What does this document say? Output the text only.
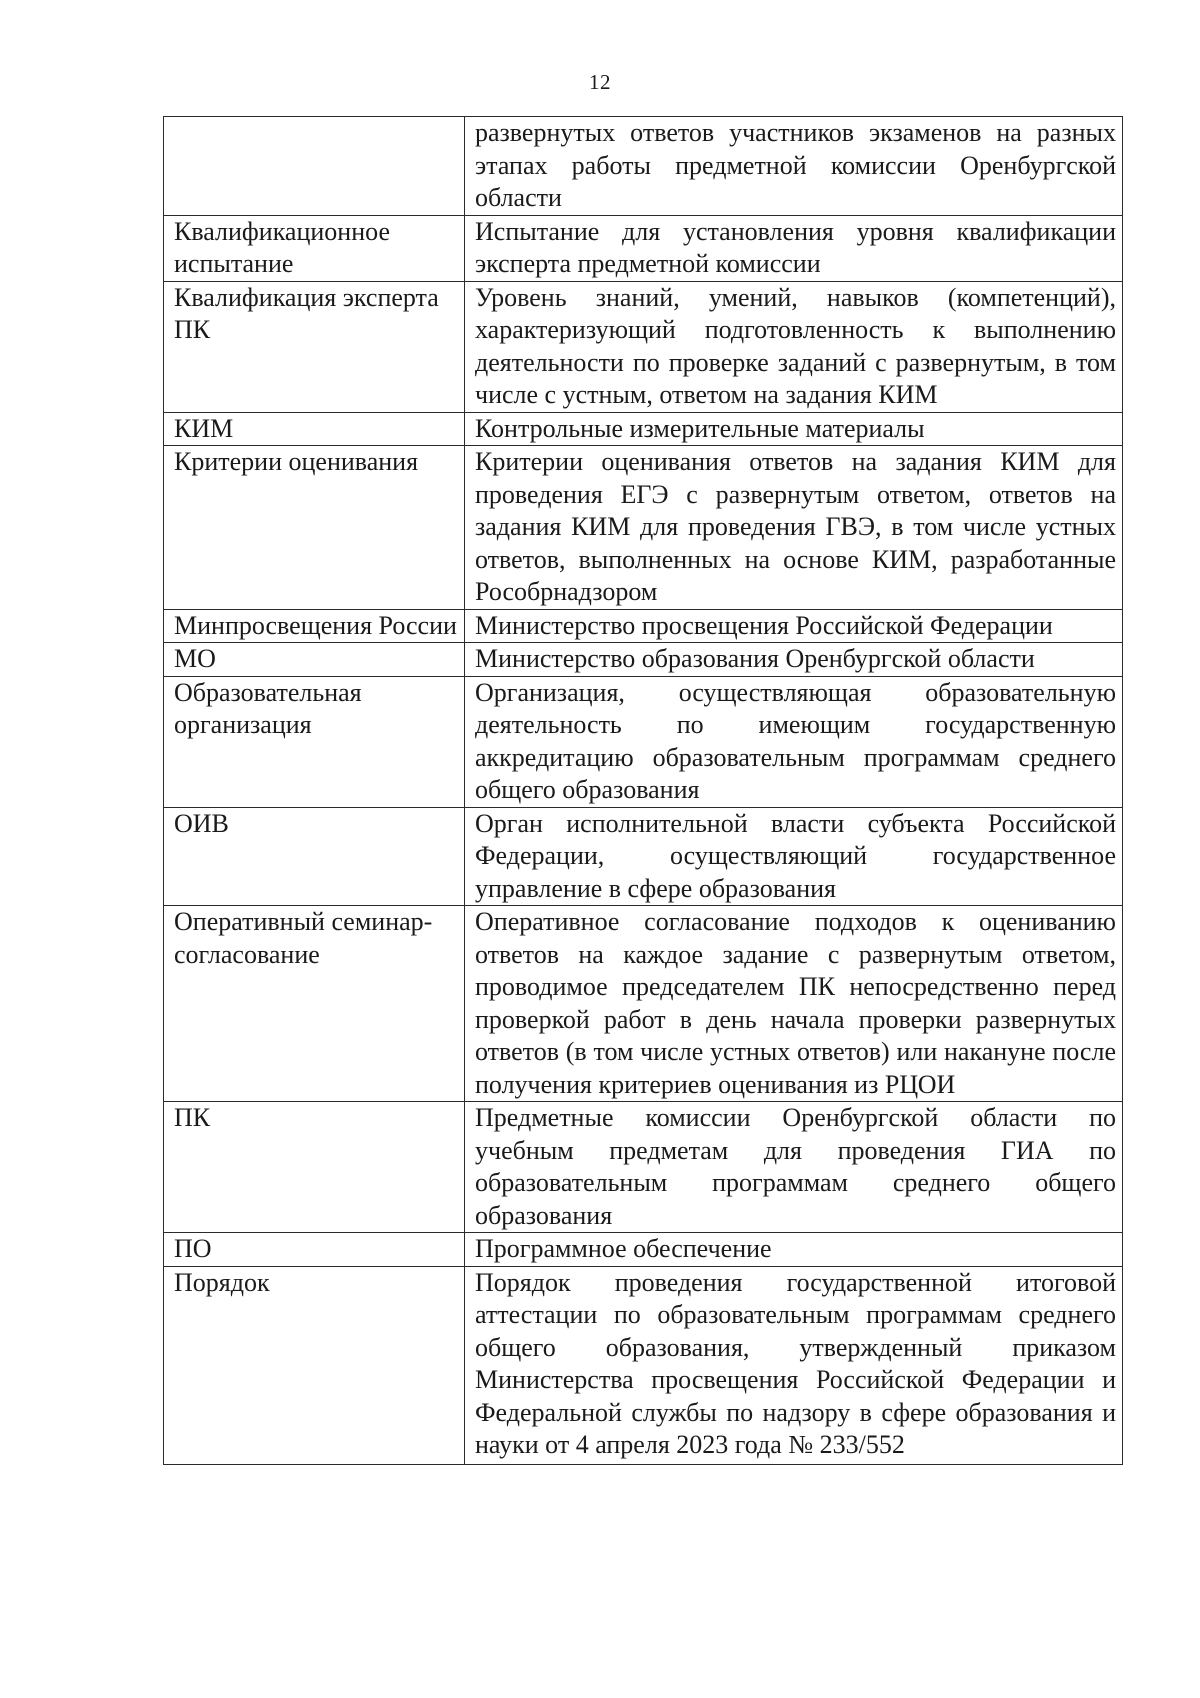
12
	развернутых ответов участников экзаменов на разных этапах работы предметной комиссии Оренбургской области
Квалификационное испытание	Испытание для установления уровня квалификации эксперта предметной комиссии
Квалификация эксперта ПК	Уровень знаний, умений, навыков (компетенций), характеризующий подготовленность к выполнению деятельности по проверке заданий с развернутым, в том числе с устным, ответом на задания КИМ
КИМ	Контрольные измерительные материалы
Критерии оценивания	Критерии оценивания ответов на задания КИМ для проведения ЕГЭ с развернутым ответом, ответов на задания КИМ для проведения ГВЭ, в том числе устных ответов, выполненных на основе КИМ, разработанные Рособрнадзором
Минпросвещения России	Министерство просвещения Российской Федерации
МО	Министерство образования Оренбургской области
Образовательная организация	Организация, осуществляющая образовательную деятельность по имеющим государственную аккредитацию образовательным программам среднего общего образования
ОИВ	Орган исполнительной власти субъекта Российской Федерации, осуществляющий государственное управление в сфере образования
Оперативный семинар-согласование	Оперативное согласование подходов к оцениванию ответов на каждое задание с развернутым ответом, проводимое председателем ПК непосредственно перед проверкой работ в день начала проверки развернутых ответов (в том числе устных ответов) или накануне после получения критериев оценивания из РЦОИ
ПК	Предметные комиссии Оренбургской области по учебным предметам для проведения ГИА по образовательным программам среднего общего образования
ПО	Программное обеспечение
Порядок	Порядок проведения государственной итоговой аттестации по образовательным программам среднего общего образования, утвержденный приказом Министерства просвещения Российской Федерации и Федеральной службы по надзору в сфере образования и науки от 4 апреля 2023 года № 233/552
